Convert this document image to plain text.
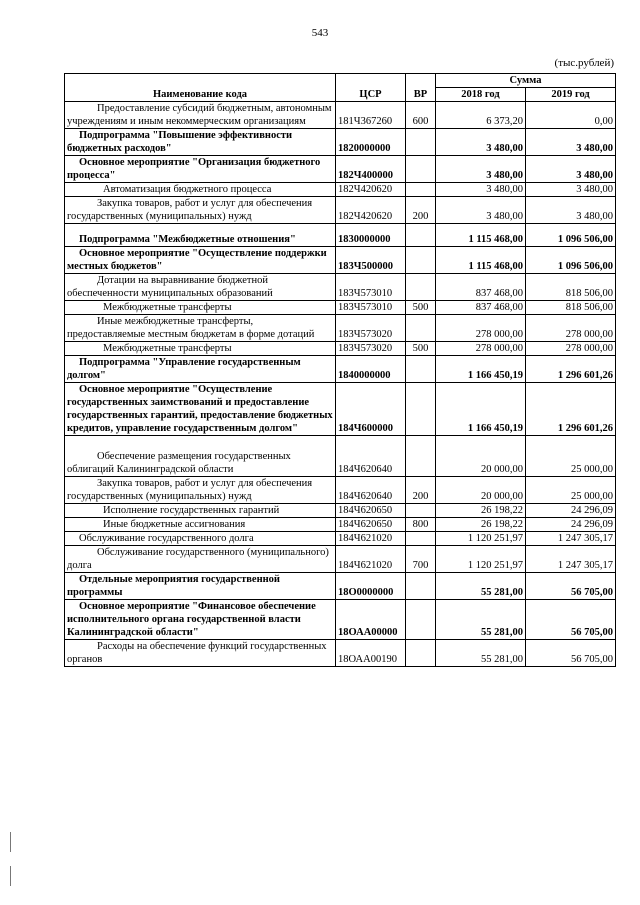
543
(тыс.рублей)
Наименование кода	ЦСР	ВР	Сумма	
			2018 год	2019 год
Предоставление субсидий бюджетным, автономным учреждениям и иным некоммерческим организациям	181Ч367260	600	6 373,20	0,00
Подпрограмма "Повышение эффективности бюджетных расходов"	1820000000		3 480,00	3 480,00
Основное мероприятие "Организация бюджетного процесса"	182Ч400000		3 480,00	3 480,00
Автоматизация бюджетного процесса	182Ч420620		3 480,00	3 480,00
Закупка товаров, работ и услуг для обеспечения государственных (муниципальных) нужд	182Ч420620	200	3 480,00	3 480,00
Подпрограмма "Межбюджетные отношения"	1830000000		1 115 468,00	1 096 506,00
Основное мероприятие "Осуществление поддержки местных бюджетов"	183Ч500000		1 115 468,00	1 096 506,00
Дотации на выравнивание бюджетной обеспеченности муниципальных образований	183Ч573010		837 468,00	818 506,00
Межбюджетные трансферты	183Ч573010	500	837 468,00	818 506,00
Иные межбюджетные трансферты, предоставляемые местным бюджетам в форме дотаций	183Ч573020		278 000,00	278 000,00
Межбюджетные трансферты	183Ч573020	500	278 000,00	278 000,00
Подпрограмма "Управление государственным долгом"	1840000000		1 166 450,19	1 296 601,26
Основное мероприятие "Осуществление государственных заимствований и предоставление государственных гарантий, предоставление бюджетных кредитов, управление государственным долгом"	184Ч600000		1 166 450,19	1 296 601,26
Обеспечение размещения государственных облигаций Калининградской области	184Ч620640		20 000,00	25 000,00
Закупка товаров, работ и услуг для обеспечения государственных (муниципальных) нужд	184Ч620640	200	20 000,00	25 000,00
Исполнение государственных гарантий	184Ч620650		26 198,22	24 296,09
Иные бюджетные ассигнования	184Ч620650	800	26 198,22	24 296,09
Обслуживание государственного долга	184Ч621020		1 120 251,97	1 247 305,17
Обслуживание государственного (муниципального) долга	184Ч621020	700	1 120 251,97	1 247 305,17
Отдельные мероприятия государственной программы	18О0000000		55 281,00	56 705,00
Основное мероприятие "Финансовое обеспечение исполнительного органа государственной власти Калининградской области"	18ОАА00000		55 281,00	56 705,00
Расходы на обеспечение функций государственных органов	18ОАА00190		55 281,00	56 705,00
